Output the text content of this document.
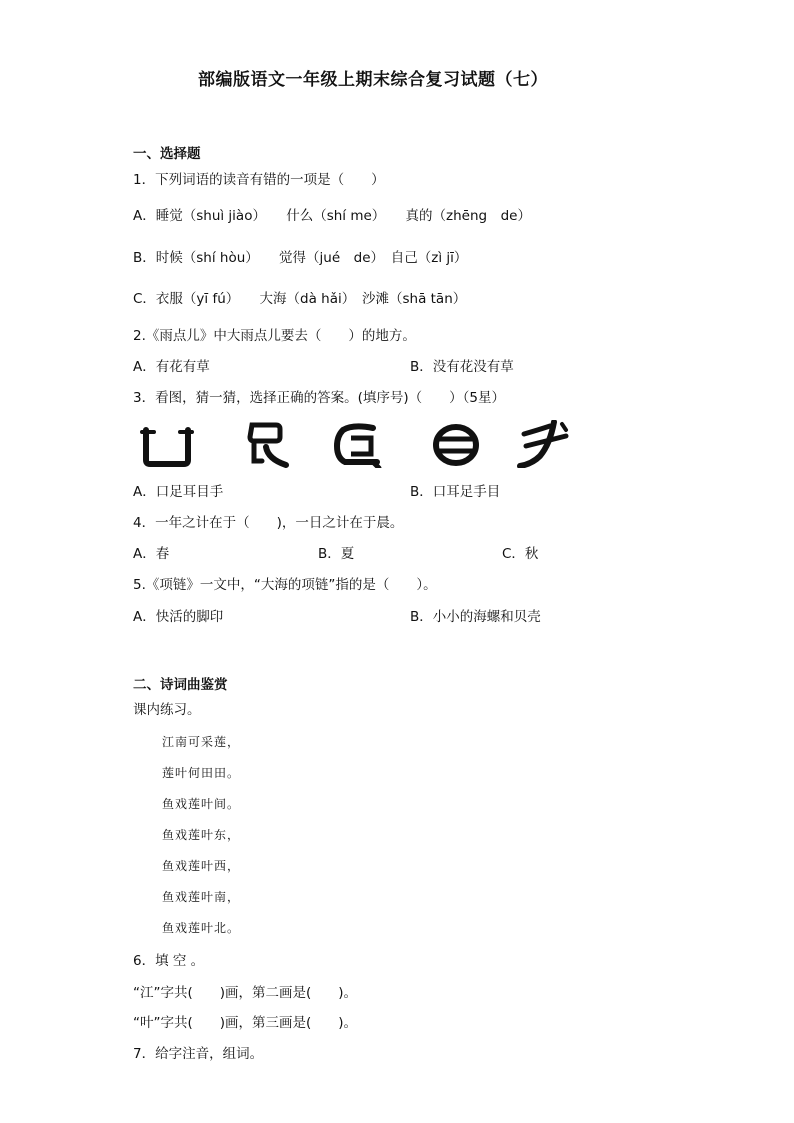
部编版语文一年级上期末综合复习试题（七）
一、选择题
1．下列词语的读音有错的一项是（　　）
A．睡觉（shuì jiào）　　什么（shí me）　　真的（zhēng　de）
B．时候（shí hòu）　　觉得（jué　de）　自己（zì jī）
C．衣服（yī fú）　　大海（dà hǎi）　沙滩（shā tān）
2.《雨点儿》中大雨点儿要去（　　）的地方。
A．有花有草	B．没有花没有草
3．看图，猜一猜，选择正确的答案。(填序号)（　　）（5星）
A．口足耳目手	B．口耳足手目
4．一年之计在于（　　)，一日之计在于晨。
A．春	B．夏	C．秋
5.《项链》一文中，“大海的项链”指的是（　　）。
A．快活的脚印	B．小小的海螺和贝壳
二、诗词曲鉴赏
课内练习。
江南可采莲，
莲叶何田田。
鱼戏莲叶间。
鱼戏莲叶东，
鱼戏莲叶西，
鱼戏莲叶南，
鱼戏莲叶北。
6．填 空 。
“江”字共(　　)画，第二画是(　　)。
“叶”字共(　　)画，第三画是(　　)。
7．给字注音，组词。
